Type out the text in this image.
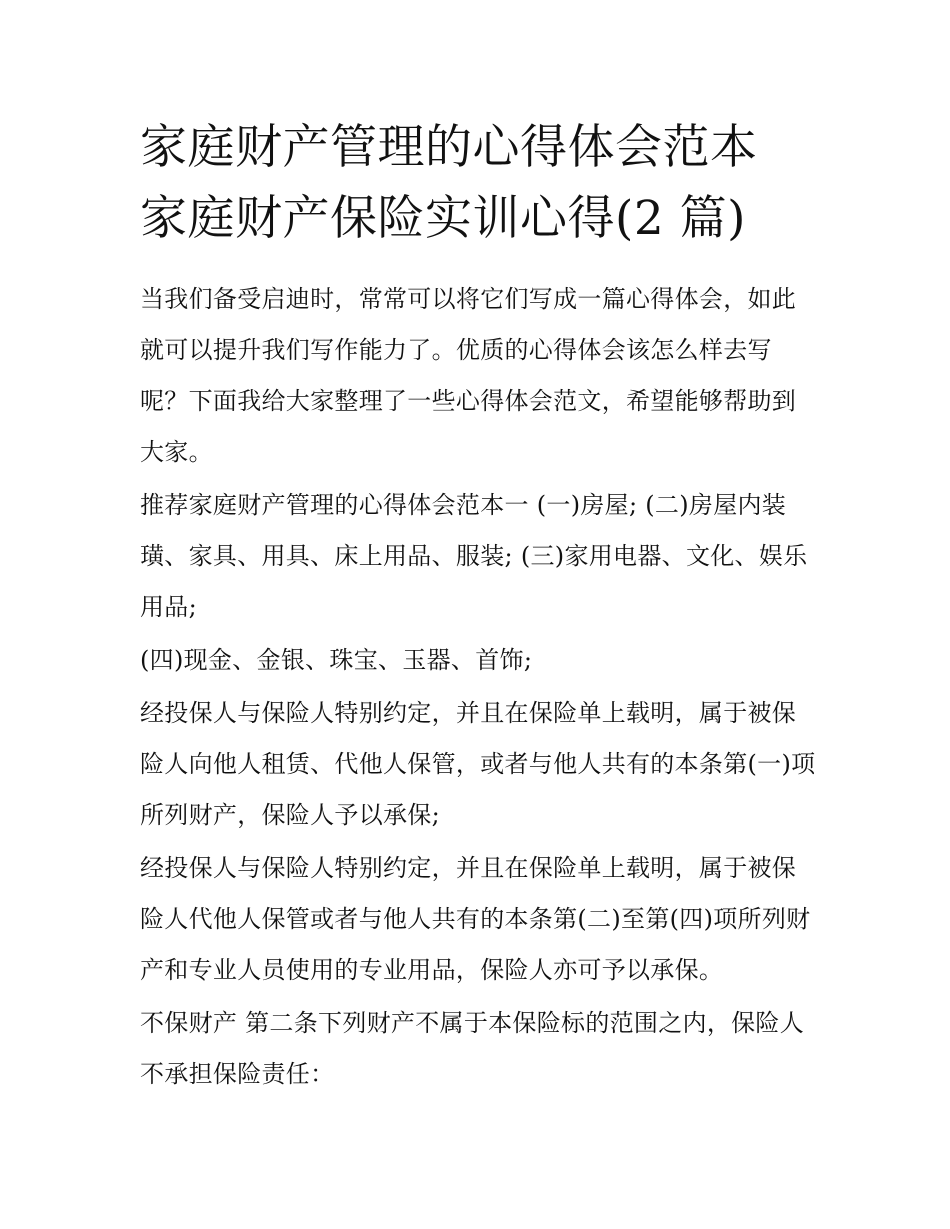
家庭财产管理的心得体会范本
家庭财产保险实训心得(2 篇)

当我们备受启迪时，常常可以将它们写成一篇心得体会，如此就可以提升我们写作能力了。优质的心得体会该怎么样去写呢？下面我给大家整理了一些心得体会范文，希望能够帮助到大家。

推荐家庭财产管理的心得体会范本一 (一)房屋; (二)房屋内装璜、家具、用具、床上用品、服装; (三)家用电器、文化、娱乐用品;

(四)现金、金银、珠宝、玉器、首饰;

经投保人与保险人特别约定，并且在保险单上载明，属于被保险人向他人租赁、代他人保管，或者与他人共有的本条第(一)项所列财产，保险人予以承保;

经投保人与保险人特别约定，并且在保险单上载明，属于被保险人代他人保管或者与他人共有的本条第(二)至第(四)项所列财产和专业人员使用的专业用品，保险人亦可予以承保。

不保财产 第二条下列财产不属于本保险标的范围之内，保险人不承担保险责任：
